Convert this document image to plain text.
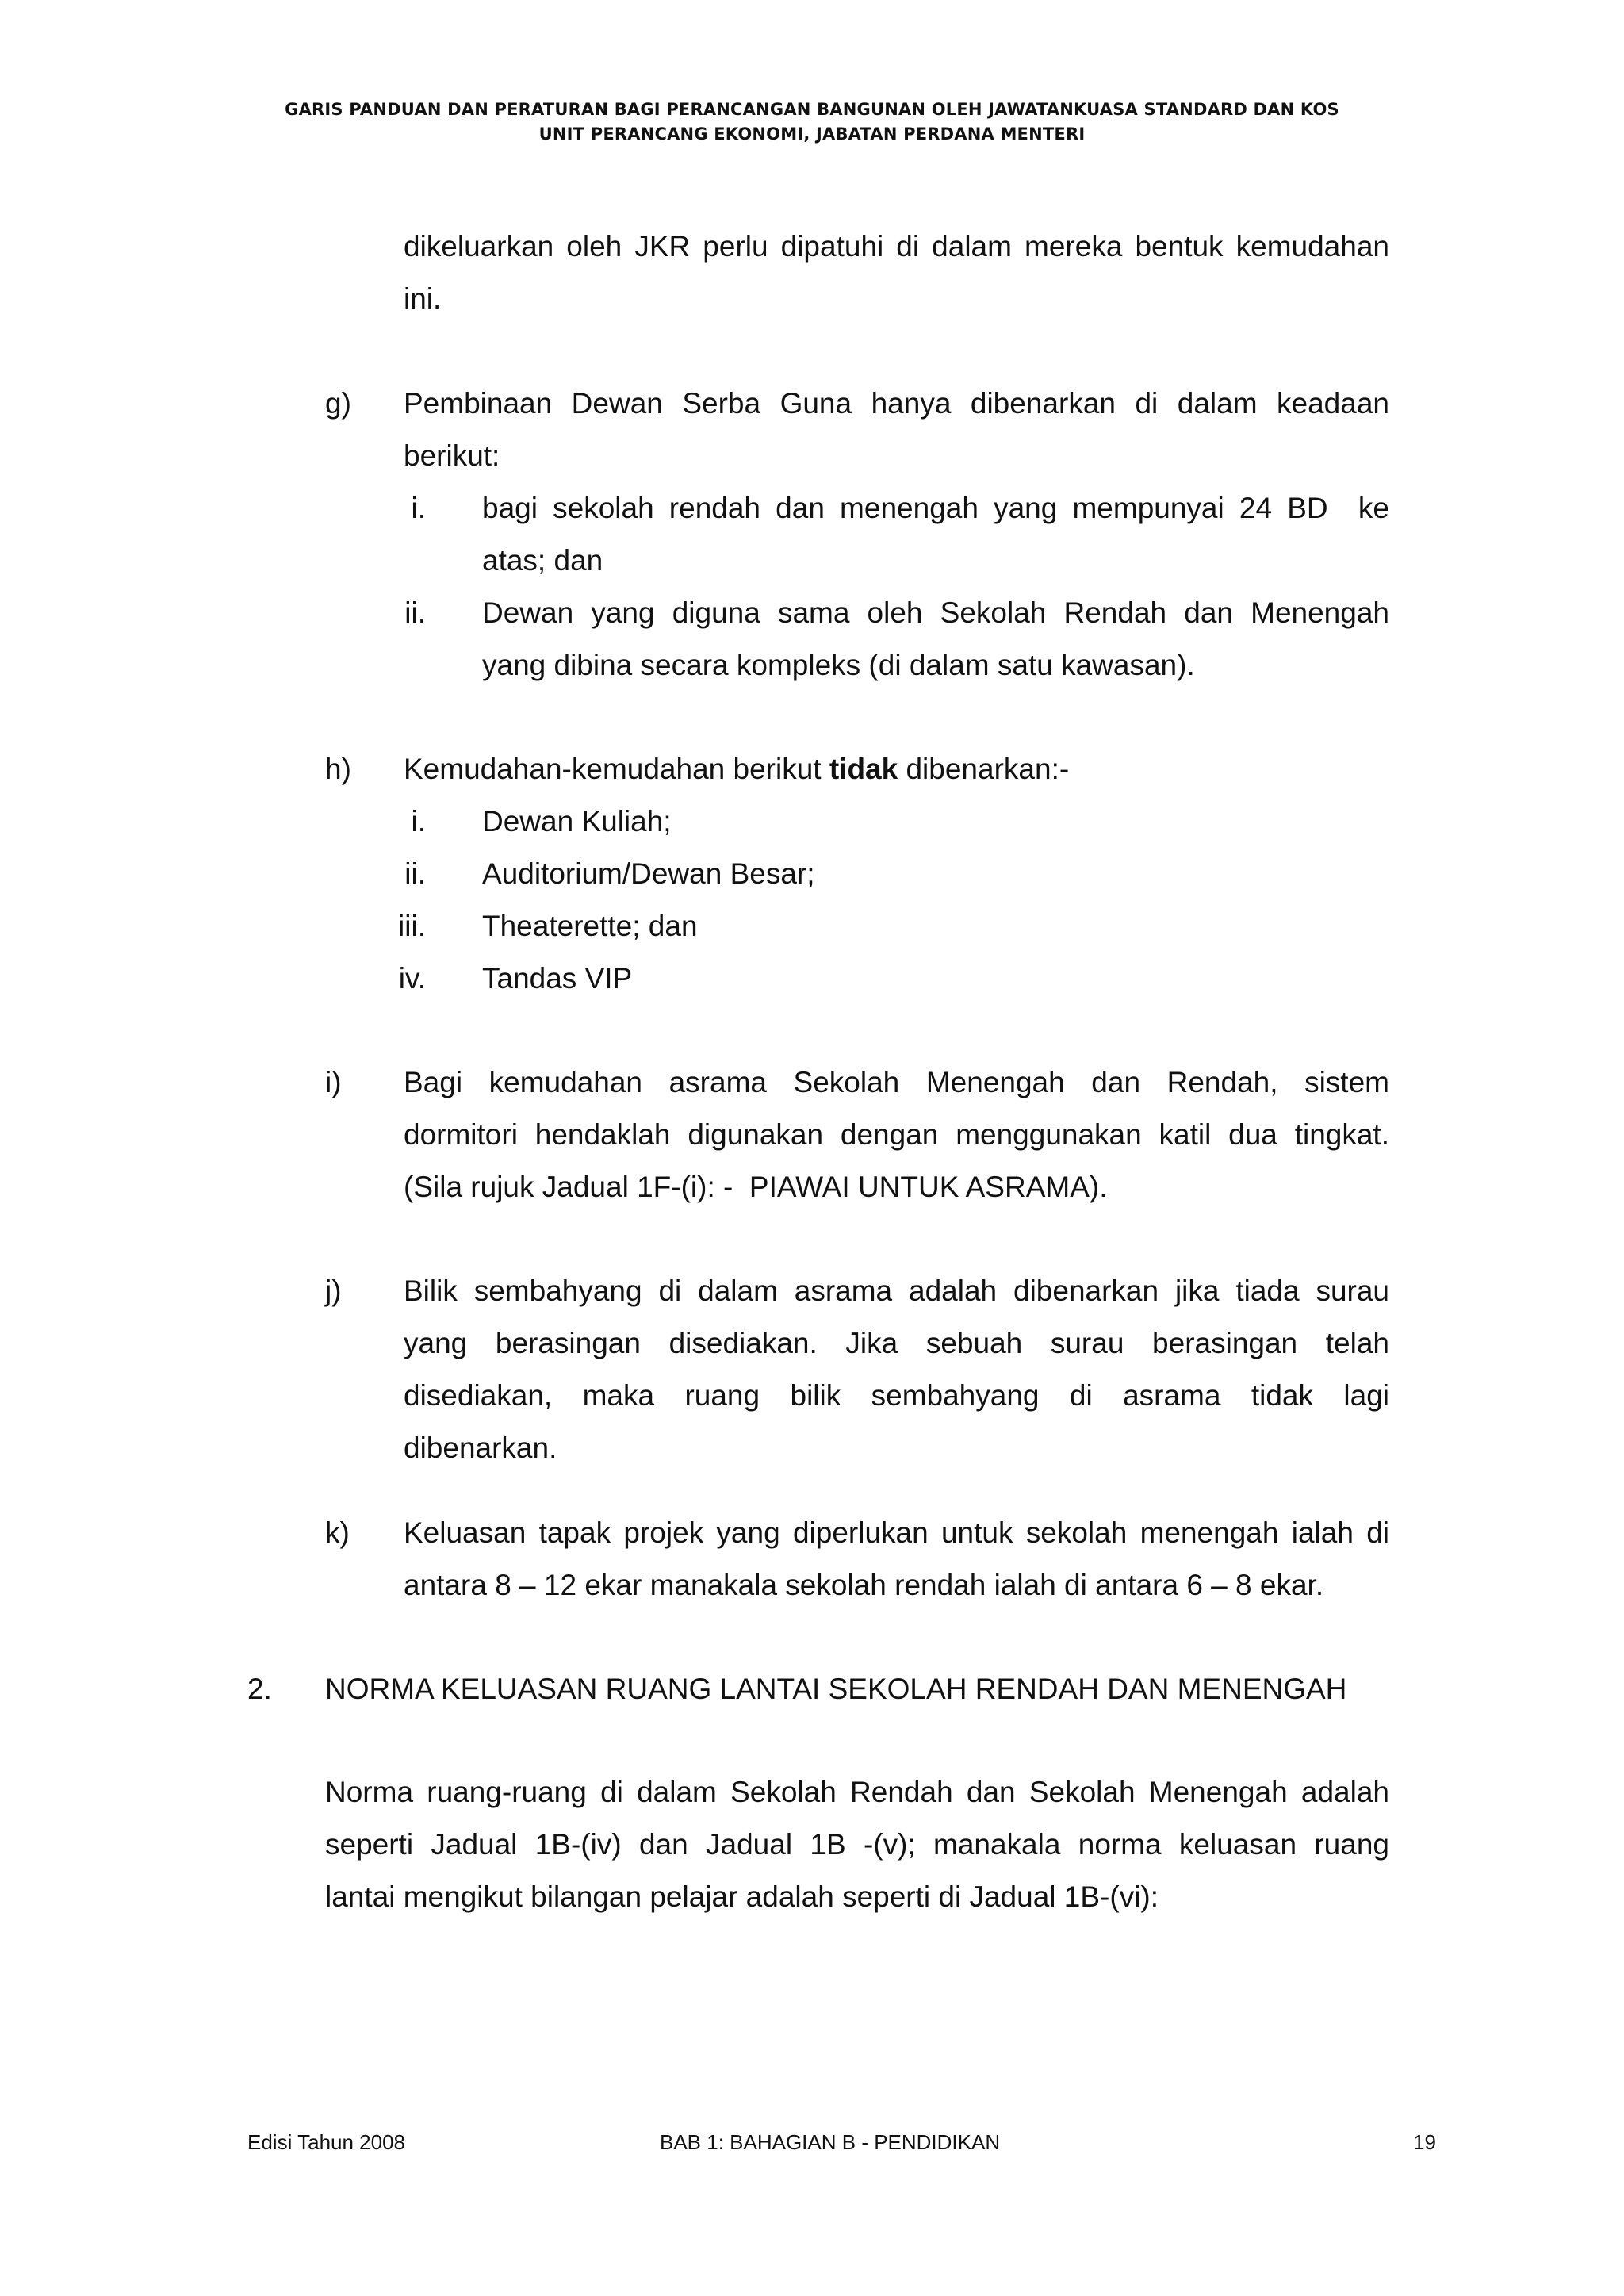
GARIS PANDUAN DAN PERATURAN BAGI PERANCANGAN BANGUNAN OLEH JAWATANKUASA STANDARD DAN KOS
UNIT PERANCANG EKONOMI, JABATAN PERDANA MENTERI
dikeluarkan oleh JKR perlu dipatuhi di dalam mereka bentuk kemudahan
ini.
g) Pembinaan Dewan Serba Guna hanya dibenarkan di dalam keadaan
berikut:
i. bagi sekolah rendah dan menengah yang mempunyai 24 BD  ke
atas; dan
ii. Dewan yang diguna sama oleh Sekolah Rendah dan Menengah
yang dibina secara kompleks (di dalam satu kawasan).
h) Kemudahan-kemudahan berikut tidak dibenarkan:-
i. Dewan Kuliah;
ii. Auditorium/Dewan Besar;
iii. Theaterette; dan
iv. Tandas VIP
i) Bagi kemudahan asrama Sekolah Menengah dan Rendah, sistem
dormitori hendaklah digunakan dengan menggunakan katil dua tingkat.
(Sila rujuk Jadual 1F-(i): -  PIAWAI UNTUK ASRAMA).
j) Bilik sembahyang di dalam asrama adalah dibenarkan jika tiada surau
yang berasingan disediakan. Jika sebuah surau berasingan telah
disediakan, maka ruang bilik sembahyang di asrama tidak lagi
dibenarkan.
k) Keluasan tapak projek yang diperlukan untuk sekolah menengah ialah di
antara 8 – 12 ekar manakala sekolah rendah ialah di antara 6 – 8 ekar.
2. NORMA KELUASAN RUANG LANTAI SEKOLAH RENDAH DAN MENENGAH
Norma ruang-ruang di dalam Sekolah Rendah dan Sekolah Menengah adalah
seperti Jadual 1B-(iv) dan Jadual 1B -(v); manakala norma keluasan ruang
lantai mengikut bilangan pelajar adalah seperti di Jadual 1B-(vi):
Edisi Tahun 2008	BAB 1: BAHAGIAN B - PENDIDIKAN	19
